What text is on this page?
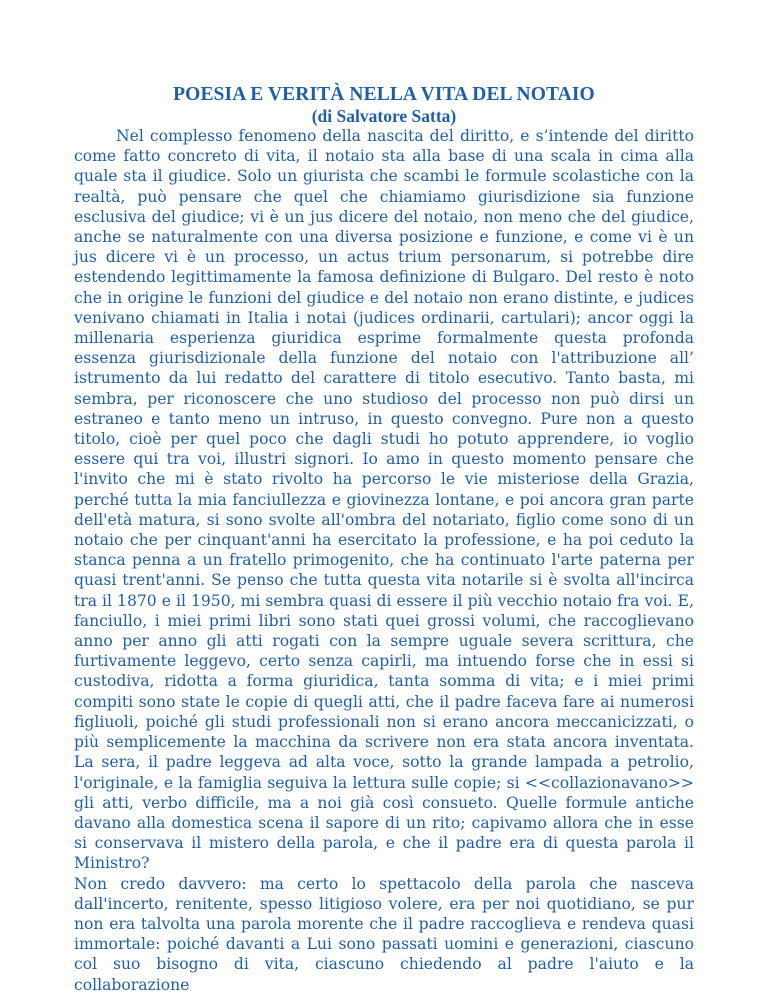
POESIA E VERITÀ NELLA VITA DEL NOTAIO
(di Salvatore Satta)

Nel complesso fenomeno della nascita del diritto, e s’intende del diritto come fatto concreto di vita, il notaio sta alla base di una scala in cima alla quale sta il giudice. Solo un giurista che scambi le formule scolastiche con la realtà, può pensare che quel che chiamiamo giurisdizione sia funzione esclusiva del giudice; vi è un jus dicere del notaio, non meno che del giudice, anche se naturalmente con una diversa posizione e funzione, e come vi è un jus dicere vi è un processo, un actus trium personarum, si potrebbe dire estendendo legittimamente la famosa definizione di Bulgaro. Del resto è noto che in origine le funzioni del giudice e del notaio non erano distinte, e judices venivano chiamati in Italia i notai (judices ordinarii, cartulari); ancor oggi la millenaria esperienza giuridica esprime formalmente questa profonda essenza giurisdizionale della funzione del notaio con l'attribuzione all’ istrumento da lui redatto del carattere di titolo esecutivo. Tanto basta, mi sembra, per riconoscere che uno studioso del processo non può dirsi un estraneo e tanto meno un intruso, in questo convegno. Pure non a questo titolo, cioè per quel poco che dagli studi ho potuto apprendere, io voglio essere qui tra voi, illustri signori. Io amo in questo momento pensare che l'invito che mi è stato rivolto ha percorso le vie misteriose della Grazia, perché tutta la mia fanciullezza e giovinezza lontane, e poi ancora gran parte dell'età matura, si sono svolte all'ombra del notariato, figlio come sono di un notaio che per cinquant'anni ha esercitato la professione, e ha poi ceduto la stanca penna a un fratello primogenito, che ha continuato l'arte paterna per quasi trent'anni. Se penso che tutta questa vita notarile si è svolta all'incirca tra il 1870 e il 1950, mi sembra quasi di essere il più vecchio notaio fra voi. E, fanciullo, i miei primi libri sono stati quei grossi volumi, che raccoglievano anno per anno gli atti rogati con la sempre uguale severa scrittura, che furtivamente leggevo, certo senza capirli, ma intuendo forse che in essi si custodiva, ridotta a forma giuridica, tanta somma di vita; e i miei primi compiti sono state le copie di quegli atti, che il padre faceva fare ai numerosi figliuoli, poiché gli studi professionali non si erano ancora meccanicizzati, o più semplicemente la macchina da scrivere non era stata ancora inventata. La sera, il padre leggeva ad alta voce, sotto la grande lampada a petrolio, l'originale, e la famiglia seguiva la lettura sulle copie; si <<collazionavano>> gli atti, verbo difficile, ma a noi già così consueto. Quelle formule antiche davano alla domestica scena il sapore di un rito; capivamo allora che in esse si conservava il mistero della parola, e che il padre era di questa parola il Ministro?

Non credo davvero: ma certo lo spettacolo della parola che nasceva dall'incerto, renitente, spesso litigioso volere, era per noi quotidiano, se pur non era talvolta una parola morente che il padre raccoglieva e rendeva quasi immortale: poiché davanti a Lui sono passati uomini e generazioni, ciascuno col suo bisogno di vita, ciascuno chiedendo al padre l'aiuto e la collaborazione
